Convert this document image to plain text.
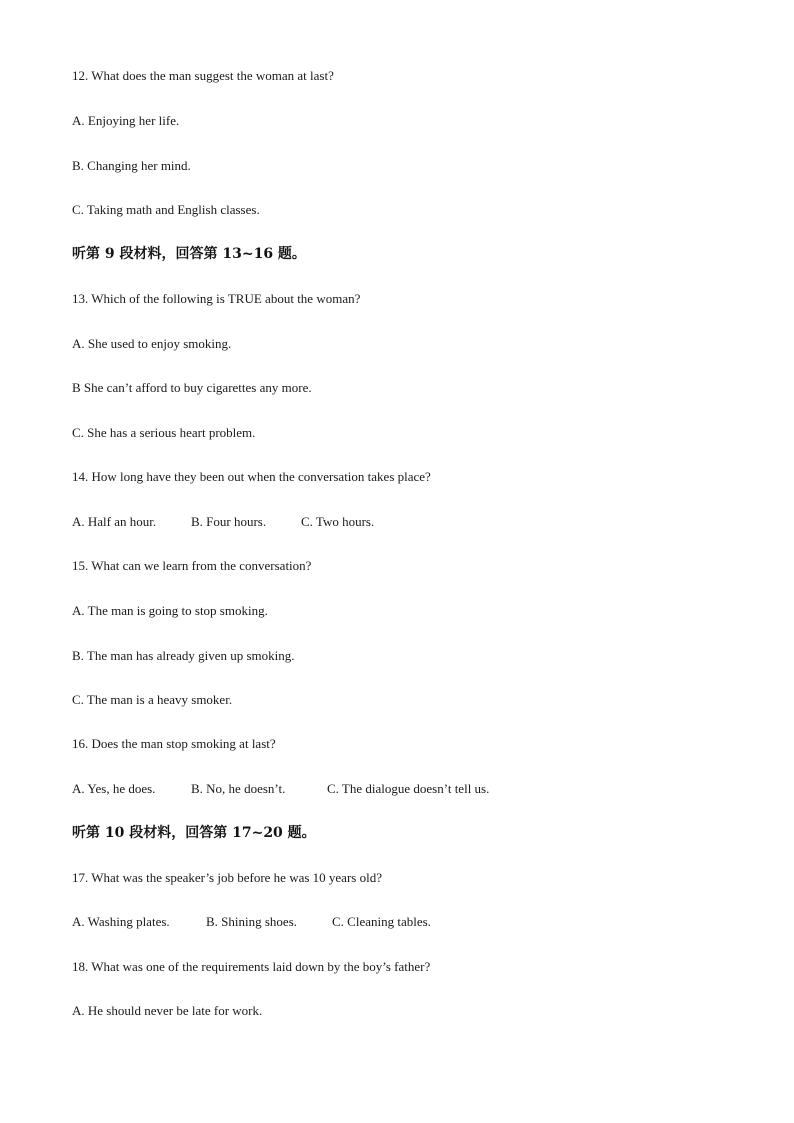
12. What does the man suggest the woman at last?
A. Enjoying her life.
B. Changing her mind.
C. Taking math and English classes.
听第 9 段材料，回答第 13~16 题。
13. Which of the following is TRUE about the woman?
A. She used to enjoy smoking.
B She can’t afford to buy cigarettes any more.
C. She has a serious heart problem.
14. How long have they been out when the conversation takes place?
A. Half an hour.	B. Four hours.	C. Two hours.
15. What can we learn from the conversation?
A. The man is going to stop smoking.
B. The man has already given up smoking.
C. The man is a heavy smoker.
16. Does the man stop smoking at last?
A. Yes, he does.	B. No, he doesn’t.	C. The dialogue doesn’t tell us.
听第 10 段材料，回答第 17~20 题。
17. What was the speaker’s job before he was 10 years old?
A. Washing plates.	B. Shining shoes.	C. Cleaning tables.
18. What was one of the requirements laid down by the boy’s father?
A. He should never be late for work.
